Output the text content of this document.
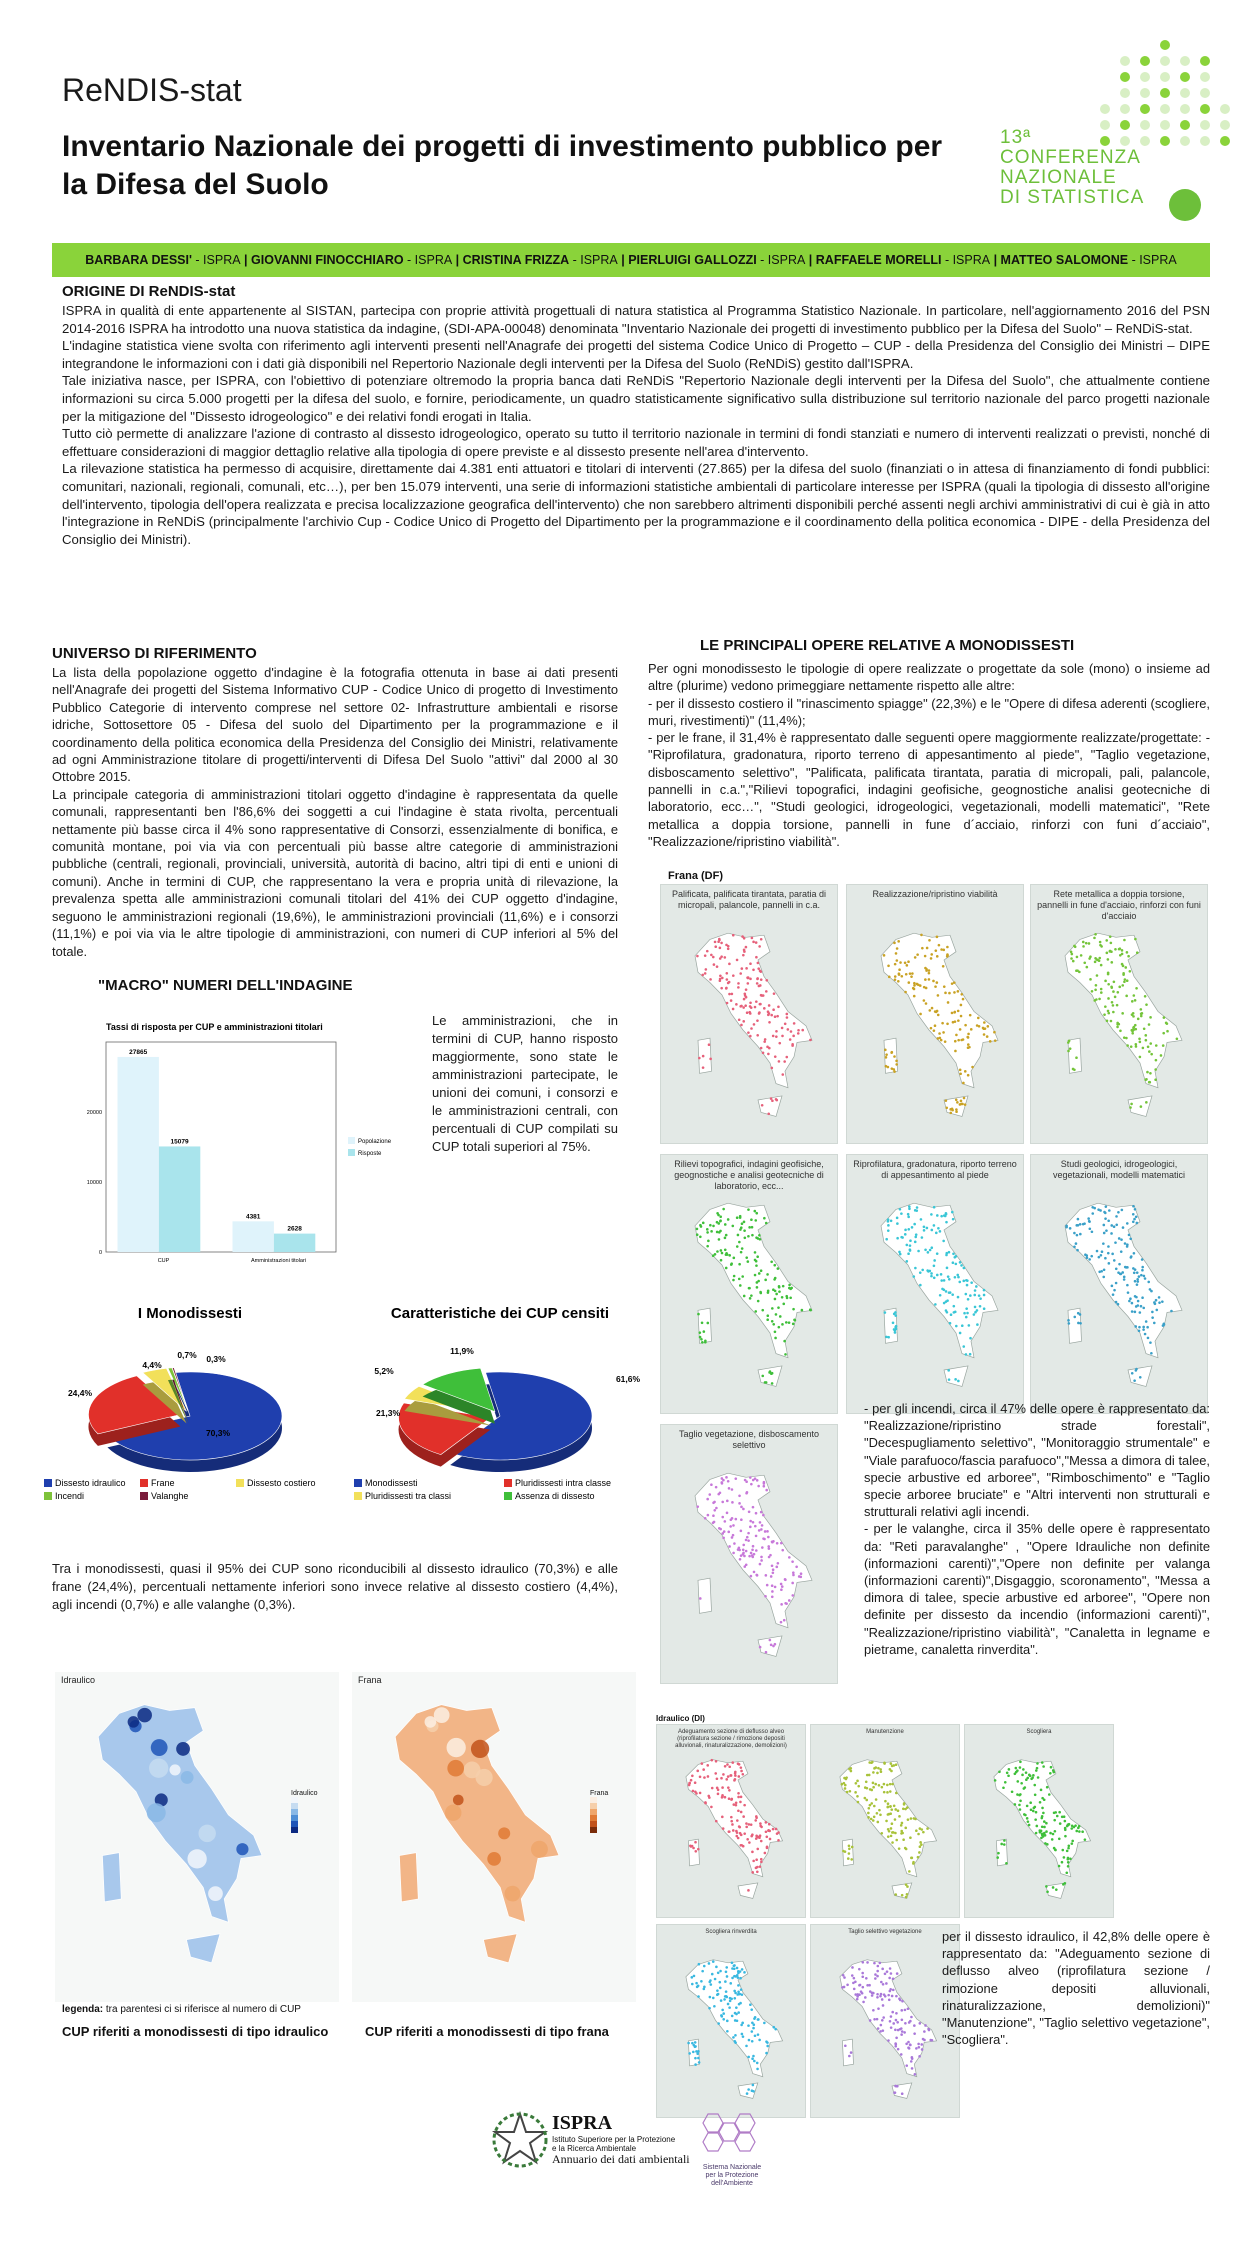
ReNDIS-stat
Inventario Nazionale dei progetti di investimento pubblico per la Difesa del Suolo
13ª
CONFERENZA
NAZIONALE
DI STATISTICA
BARBARA DESSI' - ISPRA | GIOVANNI FINOCCHIARO - ISPRA | CRISTINA FRIZZA - ISPRA | PIERLUIGI GALLOZZI - ISPRA | RAFFAELE MORELLI - ISPRA | MATTEO SALOMONE - ISPRA
ORIGINE DI ReNDIS-stat

ISPRA in qualità di ente appartenente al SISTAN, partecipa con proprie attività progettuali di natura statistica al Programma Statistico Nazionale. In particolare, nell'aggiornamento 2016 del PSN 2014-2016 ISPRA ha introdotto una nuova statistica da indagine, (SDI-APA-00048) denominata "Inventario Nazionale dei progetti di investimento pubblico per la Difesa del Suolo" – ReNDiS-stat.

L'indagine statistica viene svolta con riferimento agli interventi presenti nell'Anagrafe dei progetti del sistema Codice Unico di Progetto – CUP - della Presidenza del Consiglio dei Ministri – DIPE integrandone le informazioni con i dati già disponibili nel Repertorio Nazionale degli interventi per la Difesa del Suolo (ReNDiS) gestito dall'ISPRA.

Tale iniziativa nasce, per ISPRA, con l'obiettivo di potenziare oltremodo la propria banca dati ReNDiS "Repertorio Nazionale degli interventi per la Difesa del Suolo", che attualmente contiene informazioni su circa 5.000 progetti per la difesa del suolo, e fornire, periodicamente, un quadro statisticamente significativo sulla distribuzione sul territorio nazionale del parco progetti nazionale per la mitigazione del "Dissesto idrogeologico" e dei relativi fondi erogati in Italia.

Tutto ciò permette di analizzare l'azione di contrasto al dissesto idrogeologico, operato su tutto il territorio nazionale in termini di fondi stanziati e numero di interventi realizzati o previsti, nonché di effettuare considerazioni di maggior dettaglio relative alla tipologia di opere previste e al dissesto presente nell'area d'intervento.

La rilevazione statistica ha permesso di acquisire, direttamente dai 4.381 enti attuatori e titolari di interventi (27.865) per la difesa del suolo (finanziati o in attesa di finanziamento di fondi pubblici: comunitari, nazionali, regionali, comunali, etc…), per ben 15.079 interventi, una serie di informazioni statistiche ambientali di particolare interesse per ISPRA (quali la tipologia di dissesto all'origine dell'intervento, tipologia dell'opera realizzata e precisa localizzazione geografica dell'intervento) che non sarebbero altrimenti disponibili perché assenti negli archivi amministrativi di cui è già in atto l'integrazione in ReNDiS (principalmente l'archivio Cup - Codice Unico di Progetto del Dipartimento per la programmazione e il coordinamento della politica economica - DIPE - della Presidenza del Consiglio dei Ministri).

UNIVERSO DI RIFERIMENTO

La lista della popolazione oggetto d'indagine è la fotografia ottenuta in base ai dati presenti nell'Anagrafe dei progetti del Sistema Informativo CUP - Codice Unico di progetto di Investimento Pubblico Categorie di intervento comprese nel settore 02- Infrastrutture ambientali e risorse idriche, Sottosettore 05 - Difesa del suolo del Dipartimento per la programmazione e il coordinamento della politica economica della Presidenza del Consiglio dei Ministri, relativamente ad ogni Amministrazione titolare di progetti/interventi di Difesa Del Suolo "attivi" dal 2000 al 30 Ottobre 2015.

La principale categoria di amministrazioni titolari oggetto d'indagine è rappresentata da quelle comunali, rappresentanti ben l'86,6% dei soggetti a cui l'indagine è stata rivolta, percentuali nettamente più basse circa il 4% sono rappresentative di Consorzi, essenzialmente di bonifica, e comunità montane, poi via via con percentuali più basse altre categorie di amministrazioni pubbliche (centrali, regionali, provinciali, università, autorità di bacino, altri tipi di enti e unioni di comuni). Anche in termini di CUP, che rappresentano la vera e propria unità di rilevazione, la prevalenza spetta alle amministrazioni comunali titolari del 41% dei CUP oggetto d'indagine, seguono le amministrazioni regionali (19,6%), le amministrazioni provinciali (11,6%) e i consorzi (11,1%) e poi via via le altre tipologie di amministrazioni, con numeri di CUP inferiori al 5% del totale.

"MACRO" NUMERI DELL'INDAGINE
Tassi di risposta per CUP e amministrazioni titolari
0
10000
20000
CUP
27865
15079
Amministrazioni titolari
4381
2628
Popolazione
Risposte
Le amministrazioni, che in termini di CUP, hanno risposto maggiormente, sono state le amministrazioni partecipate, le unioni dei comuni, i consorzi e le amministrazioni centrali, con percentuali di CUP compilati su CUP totali superiori al 75%.
I Monodissesti
70,3%
24,4%
4,4%
0,7% 0,3%
Dissesto idraulico	Frane	Dissesto costiero
Incendi	Valanghe
Caratteristiche dei CUP censiti
61,6%
21,3%
5,2%
11,9%
Monodissesti	Pluridissesti intra classe
Pluridissesti tra classi	Assenza di dissesto
Tra i monodissesti, quasi il 95% dei CUP sono riconducibili al dissesto idraulico (70,3%) e alle frane (24,4%), percentuali nettamente inferiori sono invece relative al dissesto costiero (4,4%), agli incendi (0,7%) e alle valanghe (0,3%).
Idraulico
Idraulico
Frana
Frana
legenda: tra parentesi ci si riferisce al numero di CUP
CUP riferiti a monodissesti di tipo idraulico	CUP riferiti a monodissesti di tipo frana
LE PRINCIPALI OPERE RELATIVE A MONODISSESTI

Per ogni monodissesto le tipologie di opere realizzate o progettate da sole (mono) o insieme ad altre (plurime) vedono primeggiare nettamente rispetto alle altre:

- per il dissesto costiero il "rinascimento spiagge" (22,3%) e le "Opere di difesa aderenti (scogliere, muri, rivestimenti)" (11,4%);

- per le frane, il 31,4% è rappresentato dalle seguenti opere maggiormente realizzate/progettate: -"Riprofilatura, gradonatura, riporto terreno di appesantimento al piede", "Taglio vegetazione, disboscamento selettivo", "Palificata, palificata tirantata, paratia di micropali, pali, palancole, pannelli in c.a.","Rilievi topografici, indagini geofisiche, geognostiche analisi geotecniche di laboratorio, ecc…", "Studi geologici, idrogeologici, vegetazionali, modelli matematici", "Rete metallica a doppia torsione, pannelli in fune d´acciaio, rinforzi con funi d´acciaio", "Realizzazione/ripristino viabilità".

Frana (DF)
Palificata, palificata tirantata, paratia di micropali, palancole, pannelli in c.a.
Realizzazione/ripristino viabilità	Rete metallica a doppia torsione, pannelli in fune d'acciaio, rinforzi con funi d'acciaio
Rilievi topografici, indagini geofisiche, geognostiche e analisi geotecniche di laboratorio, ecc...
Riprofilatura, gradonatura, riporto terreno di appesantimento al piede
Studi geologici, idrogeologici, vegetazionali, modelli matematici
Taglio vegetazione, disboscamento selettivo

- per gli incendi, circa il 47% delle opere è rappresentato da: "Realizzazione/ripristino strade forestali", "Decespugliamento selettivo", "Monitoraggio strumentale" e "Viale parafuoco/fascia parafuoco","Messa a dimora di talee, specie arbustive ed arboree", "Rimboschimento" e "Taglio specie arboree bruciate" e "Altri interventi non strutturali e strutturali relativi agli incendi.

- per le valanghe, circa il 35% delle opere è rappresentato da: "Reti paravalanghe" , "Opere Idrauliche non definite (informazioni carenti)","Opere non definite per valanga (informazioni carenti)",Disgaggio, scoronamento", "Messa a dimora di talee, specie arbustive ed arboree", "Opere non definite per dissesto da incendio (informazioni carenti)", "Realizzazione/ripristino viabilità", "Canaletta in legname e pietrame, canaletta rinverdita".

Idraulico (DI)
Adeguamento sezione di deflusso alveo (riprofilatura sezione / rimozione depositi alluvionali, rinaturalizzazione, demolizioni)
Manutenzione	Scogliera
Scogliera rinverdita	Taglio selettivo vegetazione	per il dissesto idraulico, il 42,8% delle opere è rappresentato da: "Adeguamento sezione di deflusso alveo (riprofilatura sezione / rimozione depositi alluvionali, rinaturalizzazione, demolizioni)" "Manutenzione", "Taglio selettivo vegetazione", "Scogliera".
ISPRA
Istituto Superiore per la Protezione
e la Ricerca Ambientale
Annuario dei dati ambientali
Sistema Nazionale
per la Protezione
dell'Ambiente
